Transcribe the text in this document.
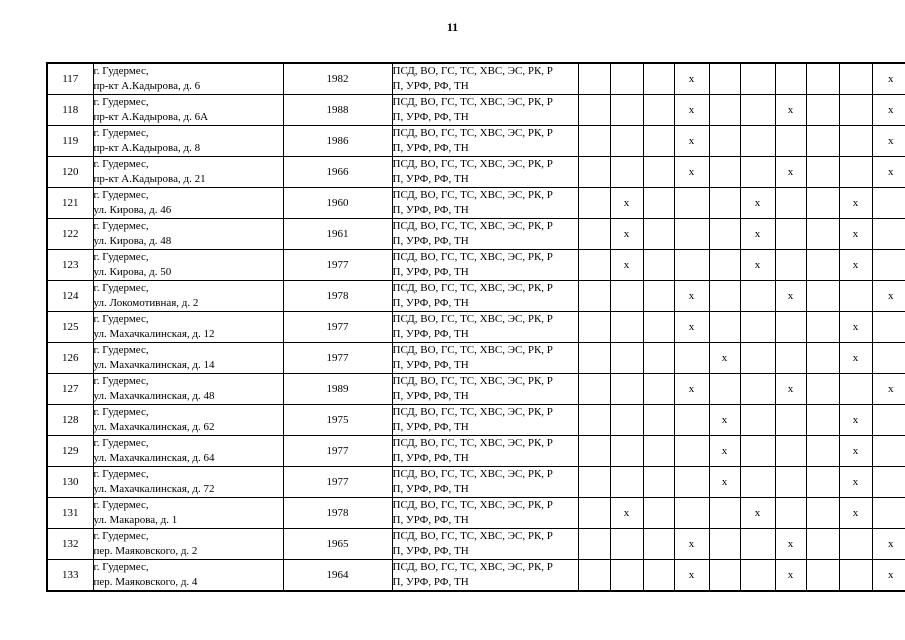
11
117	г. Гудермес,
пр-кт А.Кадырова, д. 6	1982	ПСД, ВО, ГС, ТС, ХВС, ЭС, РК, Р
П, УРФ, РФ, ТН				x						x
118	г. Гудермес,
пр-кт А.Кадырова, д. 6А	1988	ПСД, ВО, ГС, ТС, ХВС, ЭС, РК, Р
П, УРФ, РФ, ТН				x			x			x
119	г. Гудермес,
пр-кт А.Кадырова, д. 8	1986	ПСД, ВО, ГС, ТС, ХВС, ЭС, РК, Р
П, УРФ, РФ, ТН				x						x
120	г. Гудермес,
пр-кт А.Кадырова, д. 21	1966	ПСД, ВО, ГС, ТС, ХВС, ЭС, РК, Р
П, УРФ, РФ, ТН				x			x			x
121	г. Гудермес,
ул. Кирова, д. 46	1960	ПСД, ВО, ГС, ТС, ХВС, ЭС, РК, Р
П, УРФ, РФ, ТН		x				x			x	
122	г. Гудермес,
ул. Кирова, д. 48	1961	ПСД, ВО, ГС, ТС, ХВС, ЭС, РК, Р
П, УРФ, РФ, ТН		x				x			x	
123	г. Гудермес,
ул. Кирова, д. 50	1977	ПСД, ВО, ГС, ТС, ХВС, ЭС, РК, Р
П, УРФ, РФ, ТН		x				x			x	
124	г. Гудермес,
ул. Локомотивная, д. 2	1978	ПСД, ВО, ГС, ТС, ХВС, ЭС, РК, Р
П, УРФ, РФ, ТН				x			x			x
125	г. Гудермес,
ул. Махачкалинская, д. 12	1977	ПСД, ВО, ГС, ТС, ХВС, ЭС, РК, Р
П, УРФ, РФ, ТН				x					x	
126	г. Гудермес,
ул. Махачкалинская, д. 14	1977	ПСД, ВО, ГС, ТС, ХВС, ЭС, РК, Р
П, УРФ, РФ, ТН					x				x	
127	г. Гудермес,
ул. Махачкалинская, д. 48	1989	ПСД, ВО, ГС, ТС, ХВС, ЭС, РК, Р
П, УРФ, РФ, ТН				x			x			x
128	г. Гудермес,
ул. Махачкалинская, д. 62	1975	ПСД, ВО, ГС, ТС, ХВС, ЭС, РК, Р
П, УРФ, РФ, ТН					x				x	
129	г. Гудермес,
ул. Махачкалинская, д. 64	1977	ПСД, ВО, ГС, ТС, ХВС, ЭС, РК, Р
П, УРФ, РФ, ТН					x				x	
130	г. Гудермес,
ул. Махачкалинская, д. 72	1977	ПСД, ВО, ГС, ТС, ХВС, ЭС, РК, Р
П, УРФ, РФ, ТН					x				x	
131	г. Гудермес,
ул. Макарова, д. 1	1978	ПСД, ВО, ГС, ТС, ХВС, ЭС, РК, Р
П, УРФ, РФ, ТН		x				x			x	
132	г. Гудермес,
пер. Маяковского, д. 2	1965	ПСД, ВО, ГС, ТС, ХВС, ЭС, РК, Р
П, УРФ, РФ, ТН				x			x			x
133	г. Гудермес,
пер. Маяковского, д. 4	1964	ПСД, ВО, ГС, ТС, ХВС, ЭС, РК, Р
П, УРФ, РФ, ТН				x			x			x
